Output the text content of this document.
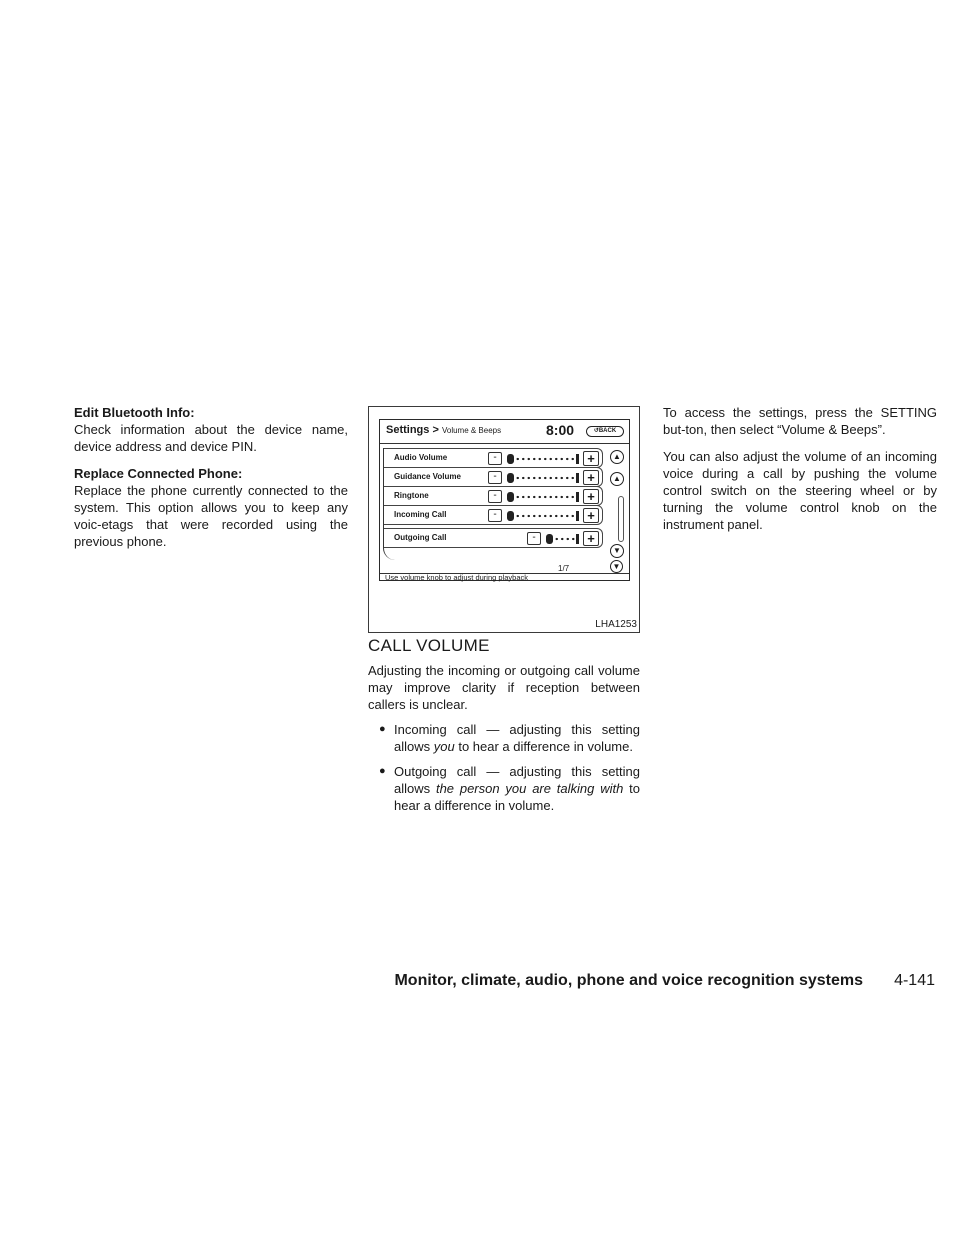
Edit Bluetooth Info:

Check information about the device name, device address and device PIN.

Replace Connected Phone:

Replace the phone currently connected to the system. This option allows you to keep any voic-etags that were recorded using the previous phone.

Settings > Volume & Beeps	8:00	↺BACK
Audio Volume	-	+
Guidance Volume	-	+
Ringtone	-	+
Incoming Call	-	+
Outgoing Call	-	+
▲
▲
▼
▼
1/7
Use volume knob to adjust during playback
LHA1253
CALL VOLUME

Adjusting the incoming or outgoing call volume may improve clarity if reception between callers is unclear.

● Incoming call — adjusting this setting allows you to hear a difference in volume.
● Outgoing call — adjusting this setting allows the person you are talking with to hear a difference in volume.

To access the settings, press the SETTING but-ton, then select “Volume & Beeps”.

You can also adjust the volume of an incoming voice during a call by pushing the volume control switch on the steering wheel or by turning the volume control knob on the instrument panel.

Monitor, climate, audio, phone and voice recognition systems 4-141
